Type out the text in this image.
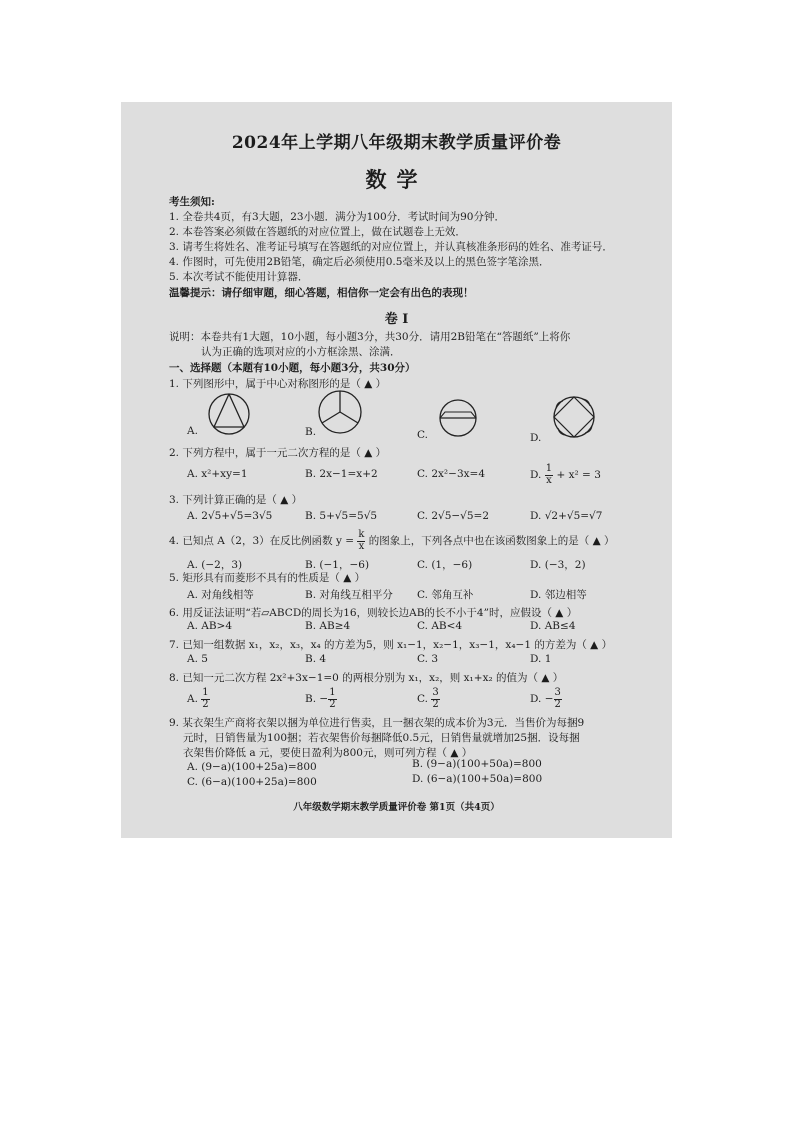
2024年上学期八年级期末教学质量评价卷
数学
考生须知:
1. 全卷共4页，有3大题，23小题．满分为100分．考试时间为90分钟．
2. 本卷答案必须做在答题纸的对应位置上，做在试题卷上无效．
3. 请考生将姓名、准考证号填写在答题纸的对应位置上，并认真核准条形码的姓名、准考证号．
4. 作图时，可先使用2B铅笔，确定后必须使用0.5毫米及以上的黑色签字笔涂黑．
5. 本次考试不能使用计算器．
温馨提示：请仔细审题，细心答题，相信你一定会有出色的表现！
卷 Ⅰ
说明：本卷共有1大题，10小题，每小题3分，共30分．请用2B铅笔在“答题纸”上将你
认为正确的选项对应的小方框涂黑、涂满．
一、选择题（本题有10小题，每小题3分，共30分）
1. 下列图形中，属于中心对称图形的是（ ▲ ）
A.	B.	C.	D.
2. 下列方程中，属于一元二次方程的是（ ▲ ）
A. x²+xy=1	B. 2x−1=x+2	C. 2x²−3x=4	D. $\frac{1}{x} + x^2 = 3$
3. 下列计算正确的是（ ▲ ）
A. 2√5+√5=3√5	B. 5+√5=5√5	C. 2√5−√5=2	D. √2+√5=√7
4. 已知点 A（2，3）在反比例函数 $y = \frac{k}{x}$ 的图象上，下列各点中也在该函数图象上的是（ ▲ ）
A. (−2，3)	B. (−1，−6)	C. (1，−6)	D. (−3，2)
5. 矩形具有而菱形不具有的性质是（ ▲ ）
A. 对角线相等	B. 对角线互相平分 C. 邻角互补	D. 邻边相等
6. 用反证法证明“若▱ABCD的周长为16，则较长边AB的长不小于4”时，应假设（ ▲ ）
A. AB>4	B. AB≥4	C. AB<4	D. AB≤4
7. 已知一组数据 x₁，x₂，x₃，x₄ 的方差为5，则 x₁−1，x₂−1，x₃−1，x₄−1 的方差为（ ▲ ）
A. 5	B. 4	C. 3	D. 1
8. 已知一元二次方程 2x²+3x−1=0 的两根分别为 x₁，x₂，则 x₁+x₂ 的值为（ ▲ ）
A. $\frac{1}{2}$	B. − $\frac{1}{2}$	C. $\frac{3}{2}$	D. − $\frac{3}{2}$
9. 某衣架生产商将衣架以捆为单位进行售卖，且一捆衣架的成本价为3元．当售价为每捆9
元时，日销售量为100捆；若衣架售价每捆降低0.5元，日销售量就增加25捆．设每捆
衣架售价降低 a 元，要使日盈利为800元，则可列方程（ ▲ ）
A. (9−a)(100+25a)=800	B. (9−a)(100+50a)=800
C. (6−a)(100+25a)=800	D. (6−a)(100+50a)=800
八年级数学期末教学质量评价卷 第1页（共4页）
